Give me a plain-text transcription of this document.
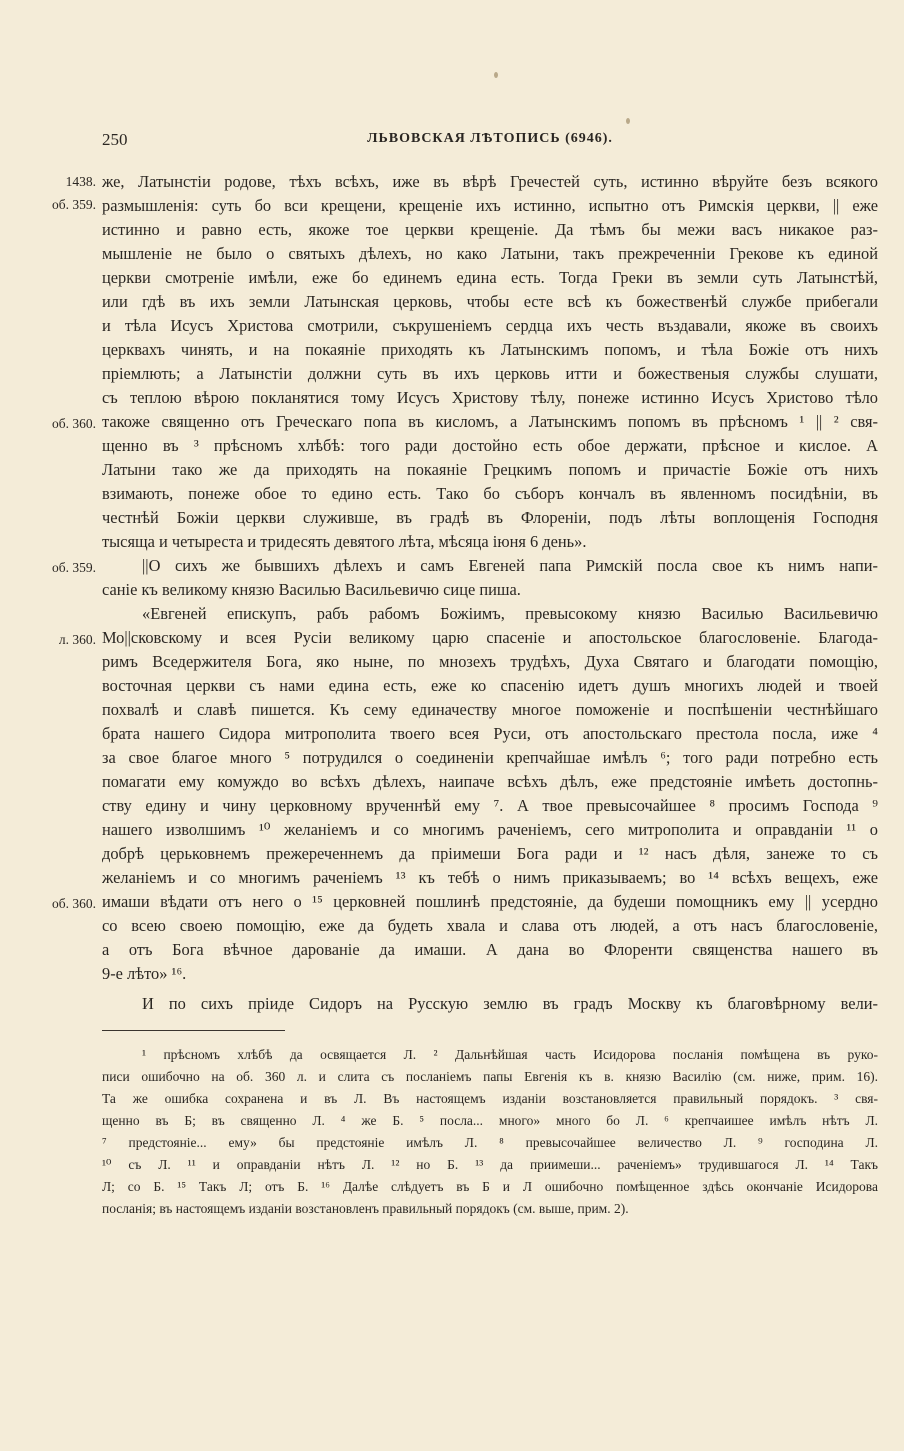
250	ЛЬВОВСКАЯ ЛѢТОПИСЬ (6946).
1438.
об. 359.
об. 360.
об. 359.
л. 360.
об. 360.
же, Латынстіи родове, тѣхъ всѣхъ, иже въ вѣрѣ Гречестей суть, истинно вѣруйте безъ всякого
размышленія: суть бо вси крещени, крещеніе ихъ истинно, испытно отъ Римскія церкви, || еже
истинно и равно есть, якоже тое церкви крещеніе. Да тѣмъ бы межи васъ никакое раз-
мышленіе не было о святыхъ дѣлехъ, но како Латыни, такъ прежреченніи Грекове къ единой
церкви смотреніе имѣли, еже бо единемъ едина есть. Тогда Греки въ земли суть Латынстѣй,
или гдѣ въ ихъ земли Латынская церковь, чтобы есте всѣ къ божественѣй службе прибегали
и тѣла Исусъ Христова смотрили, съкрушеніемъ сердца ихъ честь въздавали, якоже въ своихъ
церквахъ чинять, и на покаяніе приходять къ Латынскимъ попомъ, и тѣла Божіе отъ нихъ
пріемлють; а Латынстіи должни суть въ ихъ церковь итти и божественыя службы слушати,
съ теплою вѣрою покланятися тому Исусъ Христову тѣлу, понеже истинно Исусъ Христово тѣло
такоже священно отъ Греческаго попа въ кисломъ, а Латынскимъ попомъ въ прѣсномъ ¹ || ² свя-
щенно въ ³ прѣсномъ хлѣбѣ: того ради достойно есть обое держати, прѣсное и кислое. А
Латыни тако же да приходять на покаяніе Грецкимъ попомъ и причастіе Божіе отъ нихъ
взимають, понеже обое то едино есть. Тако бо съборъ кончалъ въ явленномъ посидѣніи, въ
честнѣй Божіи церкви служивше, въ градѣ въ Флореніи, подъ лѣты воплощенія Господня
тысяща и четыреста и тридесять девятого лѣта, мѣсяца іюня 6 день».
||О сихъ же бывшихъ дѣлехъ и самъ Евгеней папа Римскій посла свое къ нимъ напи-
саніе къ великому князю Василью Васильевичю сице пиша.
«Евгеней епискупъ, рабъ рабомъ Божіимъ, превысокому князю Василью Васильевичю
Мо||сковскому и всея Русіи великому царю спасеніе и апостольское благословеніе. Благода-
римъ Вседержителя Бога, яко ныне, по мнозехъ трудѣхъ, Духа Святаго и благодати помощію,
восточная церкви съ нами едина есть, еже ко спасенію идетъ душъ многихъ людей и твоей
похвалѣ и славѣ пишется. Къ сему единачеству многое поможеніе и поспѣшеніи честнѣйшаго
брата нашего Сидора митрополита твоего всея Руси, отъ апостольскаго престола посла, иже ⁴
за свое благое много ⁵ потрудился о соединеніи крепчайшае имѣлъ ⁶; того ради потребно есть
помагати ему комуждо во всѣхъ дѣлехъ, наипаче всѣхъ дѣлъ, еже предстояніе имѣеть достопнь-
ству едину и чину церковному врученнѣй ему ⁷. А твое превысочайшее ⁸ просимъ Господа ⁹
нашего изволшимъ ¹⁰ желаніемъ и со многимъ раченіемъ, сего митрополита и оправданіи ¹¹ о
добрѣ церьковнемъ прежереченнемъ да пріимеши Бога ради и ¹² насъ дѣля, занеже то съ
желаніемъ и со многимъ раченіемъ ¹³ къ тебѣ о нимъ приказываемъ; во ¹⁴ всѣхъ вещехъ, еже
имаши вѣдати отъ него о ¹⁵ церковней пошлинѣ предстояніе, да будеши помощникъ ему || усердно
со всею своею помощію, еже да будеть хвала и слава отъ людей, а отъ насъ благословеніе,
а отъ Бога вѣчное дарованіе да имаши. А дана во Флоренти священства нашего въ
9-е лѣто» ¹⁶.
И по сихъ пріиде Сидоръ на Русскую землю въ градъ Москву къ благовѣрному вели-
¹ прѣсномъ хлѣбѣ да освящается Л. ² Дальнѣйшая часть Исидорова посланія помѣщена въ руко-
писи ошибочно на об. 360 л. и слита съ посланіемъ папы Евгенія къ в. князю Василію (см. ниже, прим. 16).
Та же ошибка сохранена и въ Л. Въ настоящемъ изданіи возстановляется правильный порядокъ. ³ свя-
щенно въ Б; въ священно Л. ⁴ же Б. ⁵ посла... много» много бо Л. ⁶ крепчаишее имѣлъ нѣтъ Л.
⁷ предстояніе... ему» бы предстояніе имѣлъ Л. ⁸ превысочайшее величество Л. ⁹ господина Л.
¹⁰ съ Л. ¹¹ и оправданіи нѣтъ Л. ¹² но Б. ¹³ да приимеши... раченіемъ» трудившагося Л. ¹⁴ Такъ
Л; со Б. ¹⁵ Такъ Л; отъ Б. ¹⁶ Далѣе слѣдуетъ въ Б и Л ошибочно помѣщенное здѣсь окончаніе Исидорова
посланія; въ настоящемъ изданіи возстановленъ правильный порядокъ (см. выше, прим. 2).
